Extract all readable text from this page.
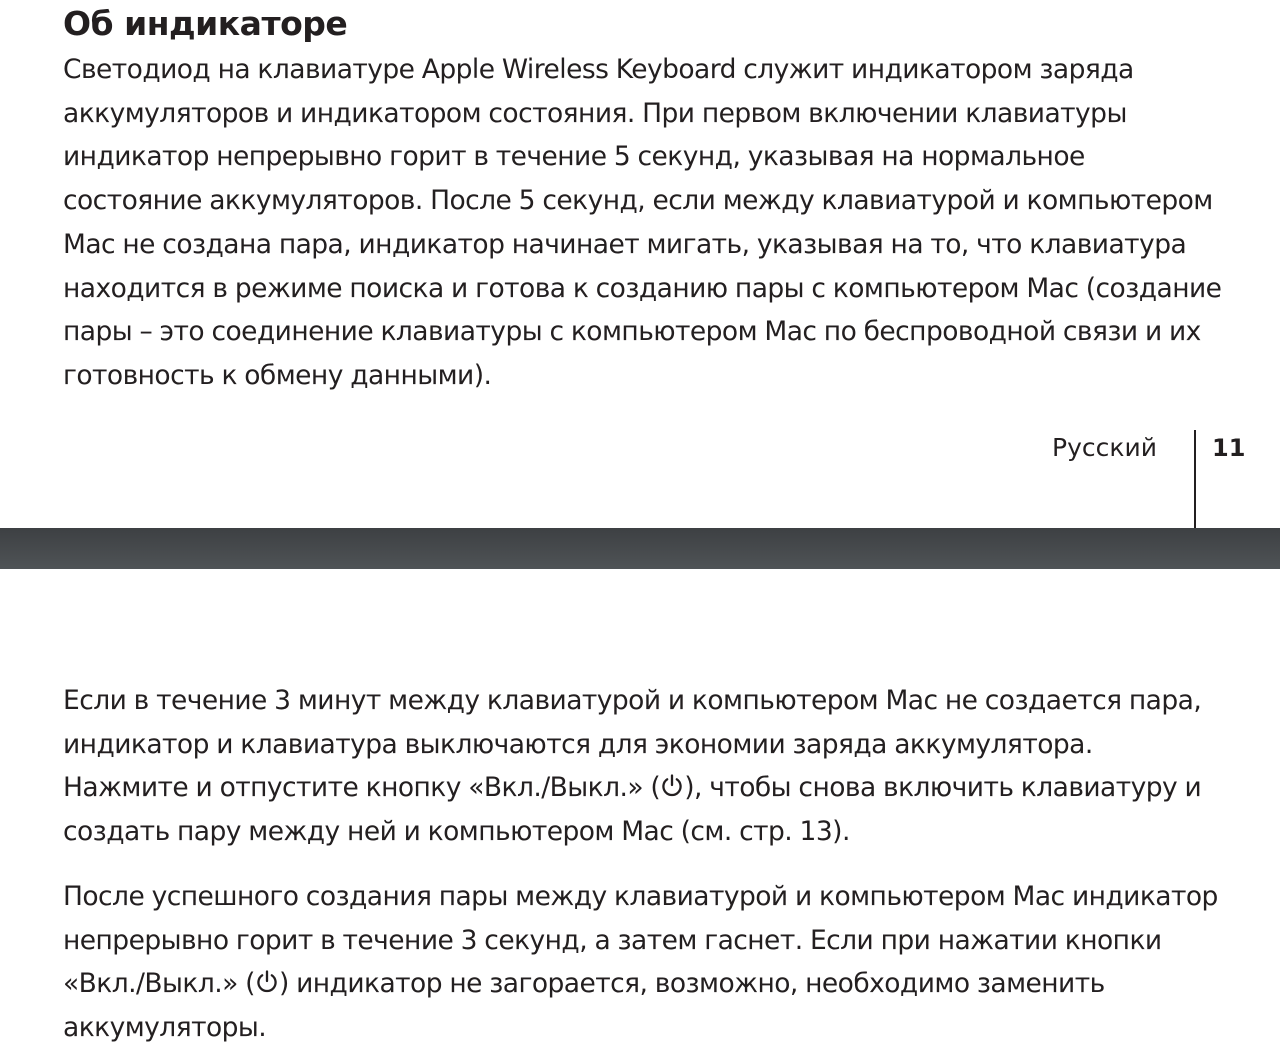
Об индикаторе

Светодиод на клавиатуре Apple Wireless Keyboard служит индикатором заряда аккумуляторов и индикатором состояния. При первом включении клавиатуры индикатор непрерывно горит в течение 5 секунд, указывая на нормальное состояние аккумуляторов. После 5 секунд, если между клавиатурой и компьютером Mac не создана пара, индикатор начинает мигать, указывая на то, что клавиатура находится в режиме поиска и готова к созданию пары с компьютером Mac (создание пары – это соединение клавиатуры с компьютером Mac по беспроводной связи и их готовность к обмену данными).

Русский 11

Если в течение 3 минут между клавиатурой и компьютером Mac не создается пара, индикатор и клавиатура выключаются для экономии заряда аккумулятора. Нажмите и отпустите кнопку «Вкл./Выкл.» ( ), чтобы снова включить клавиатуру и создать пару между ней и компьютером Mac (см. стр. 13).

После успешного создания пары между клавиатурой и компьютером Mac индикатор непрерывно горит в течение 3 секунд, а затем гаснет. Если при нажатии кнопки «Вкл./Выкл.» ( ) индикатор не загорается, возможно, необходимо заменить аккумуляторы.
